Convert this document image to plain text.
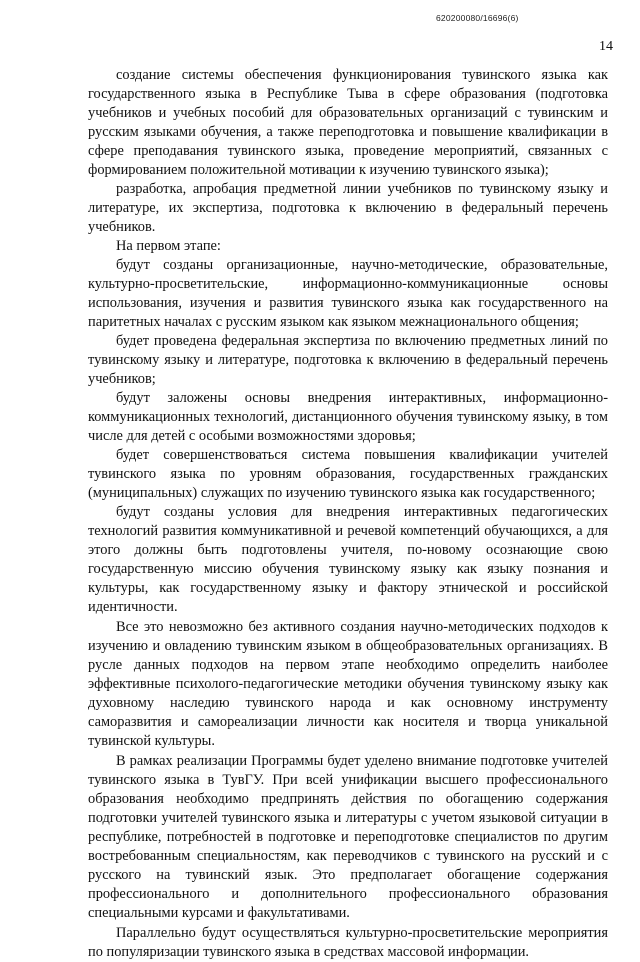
620200080/16696(6)
14

создание системы обеспечения функционирования тувинского языка как государственного языка в Республике Тыва в сфере образования (подготовка учебников и учебных пособий для образовательных организаций с тувинским и русским языками обучения, а также переподготовка и повышение квалификации в сфере преподавания тувинского языка, проведение мероприятий, связанных с формированием положительной мотивации к изучению тувинского языка);

разработка, апробация предметной линии учебников по тувинскому языку и литературе, их экспертиза, подготовка к включению в федеральный перечень учебников.

На первом этапе:

будут созданы организационные, научно-методические, образовательные, культурно-просветительские, информационно-коммуникационные основы использования, изучения и развития тувинского языка как государственного на паритетных началах с русским языком как языком межнационального общения;

будет проведена федеральная экспертиза по включению предметных линий по тувинскому языку и литературе, подготовка к включению в федеральный перечень учебников;

будут заложены основы внедрения интерактивных, информационно-коммуникационных технологий, дистанционного обучения тувинскому языку, в том числе для детей с особыми возможностями здоровья;

будет совершенствоваться система повышения квалификации учителей тувинского языка по уровням образования, государственных гражданских (муниципальных) служащих по изучению тувинского языка как государственного;

будут созданы условия для внедрения интерактивных педагогических технологий развития коммуникативной и речевой компетенций обучающихся, а для этого должны быть подготовлены учителя, по-новому осознающие свою государственную миссию обучения тувинскому языку как языку познания и культуры, как государственному языку и фактору этнической и российской идентичности.

Все это невозможно без активного создания научно-методических подходов к изучению и овладению тувинским языком в общеобразовательных организациях. В русле данных подходов на первом этапе необходимо определить наиболее эффективные психолого-педагогические методики обучения тувинскому языку как духовному наследию тувинского народа и как основному инструменту саморазвития и самореализации личности как носителя и творца уникальной тувинской культуры.

В рамках реализации Программы будет уделено внимание подготовке учителей тувинского языка в ТувГУ. При всей унификации высшего профессионального образования необходимо предпринять действия по обогащению содержания подготовки учителей тувинского языка и литературы с учетом языковой ситуации в республике, потребностей в подготовке и переподготовке специалистов по другим востребованным специальностям, как переводчиков с тувинского на русский и с русского на тувинский язык. Это предполагает обогащение содержания профессионального и дополнительного профессионального образования специальными курсами и факультативами.

Параллельно будут осуществляться культурно-просветительские мероприятия по популяризации тувинского языка в средствах массовой информации.
